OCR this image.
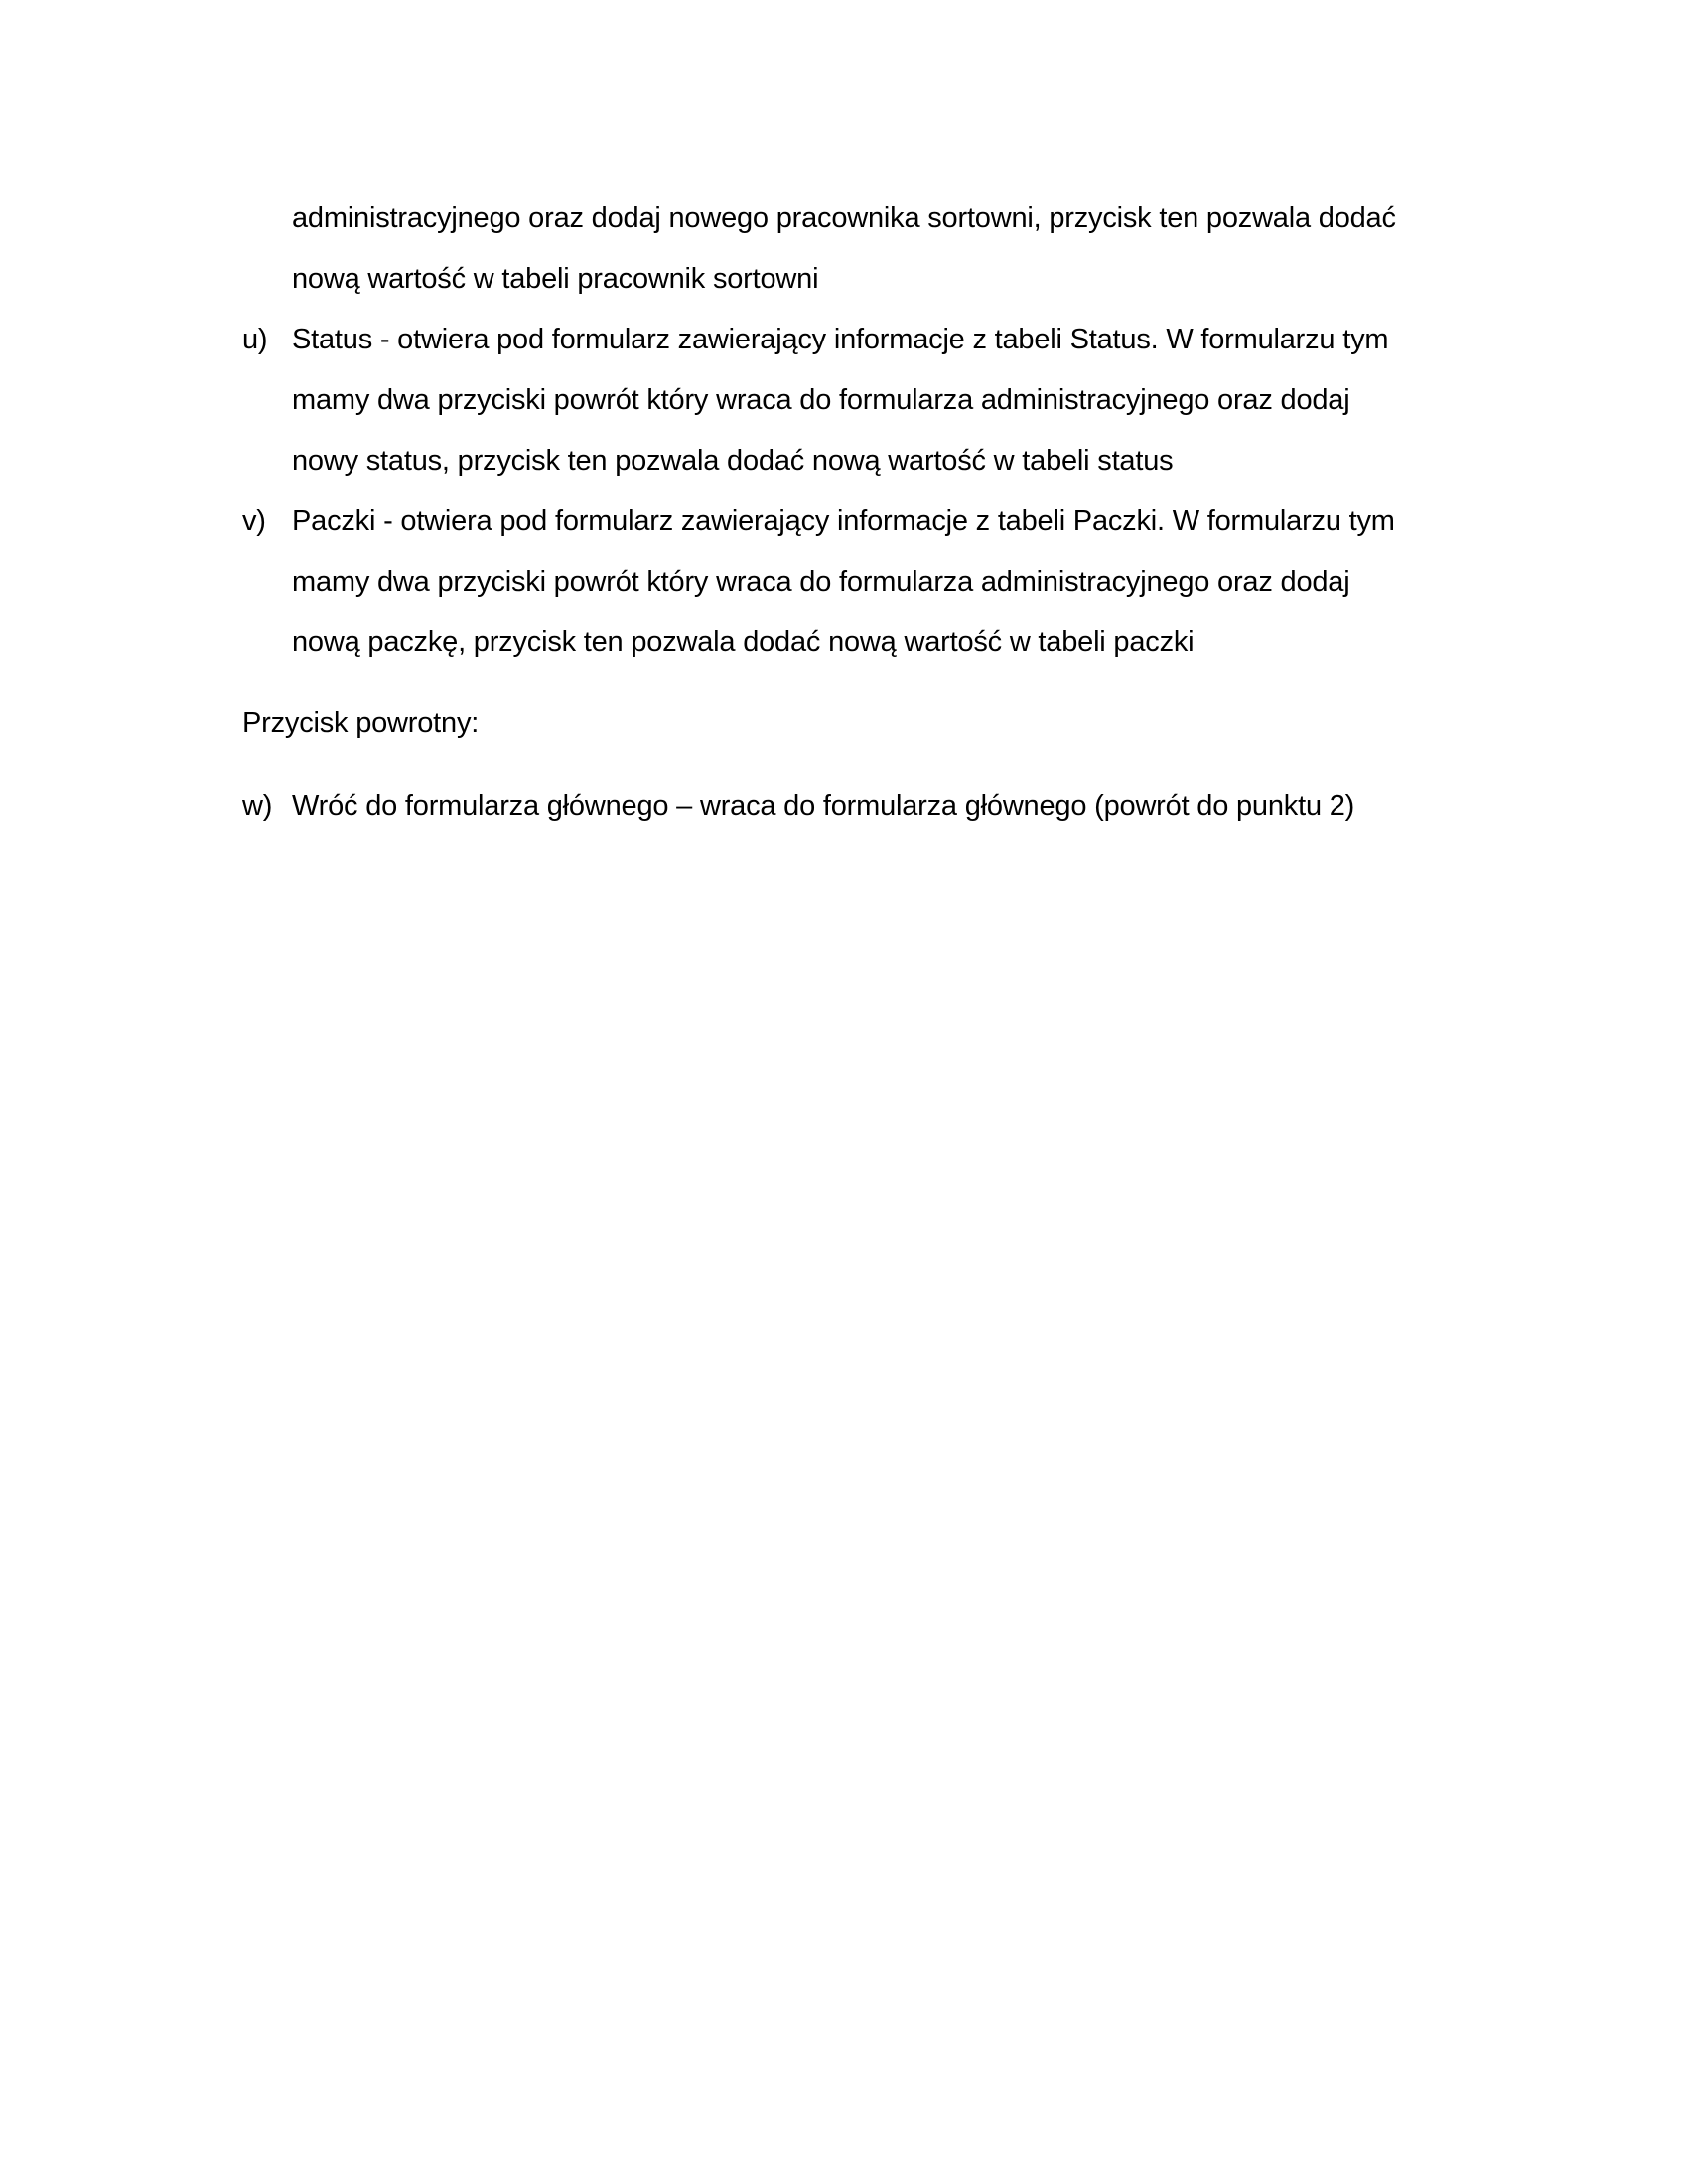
administracyjnego oraz dodaj nowego pracownika sortowni, przycisk ten pozwala dodać
nową wartość w tabeli pracownik sortowni
u) Status - otwiera pod formularz zawierający informacje z tabeli Status. W formularzu tym
mamy dwa przyciski powrót który wraca do formularza administracyjnego oraz dodaj
nowy status, przycisk ten pozwala dodać nową wartość w tabeli status
v) Paczki - otwiera pod formularz zawierający informacje z tabeli Paczki. W formularzu tym
mamy dwa przyciski powrót który wraca do formularza administracyjnego oraz dodaj
nową paczkę, przycisk ten pozwala dodać nową wartość w tabeli paczki
Przycisk powrotny:
w) Wróć do formularza głównego – wraca do formularza głównego (powrót do punktu 2)
